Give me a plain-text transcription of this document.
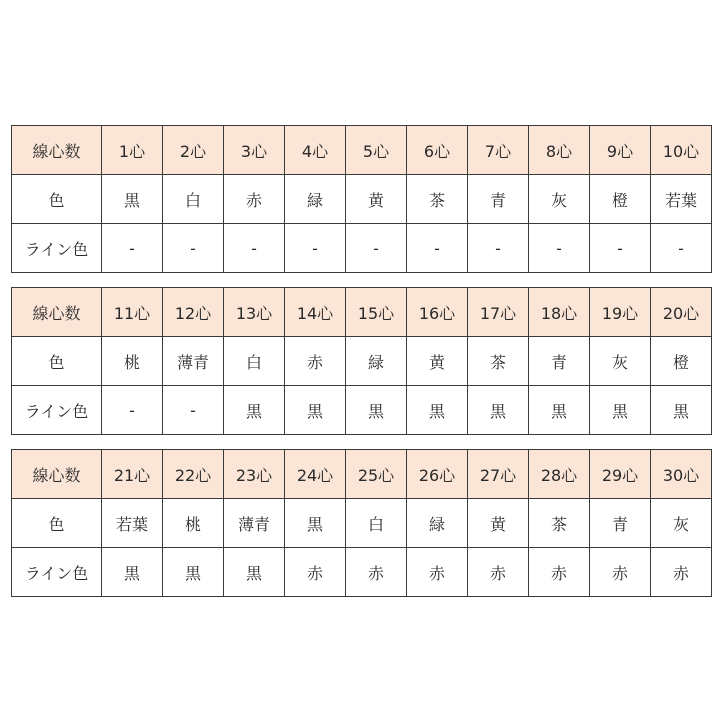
線心数	1心	2心	3心	4心	5心	6心	7心	8心	9心	10心
色	黒	白	赤	緑	黄	茶	青	灰	橙	若葉
ライン色	-	-	-	-	-	-	-	-	-	-
線心数	11心	12心	13心	14心	15心	16心	17心	18心	19心	20心
色	桃	薄青	白	赤	緑	黄	茶	青	灰	橙
ライン色	-	-	黒	黒	黒	黒	黒	黒	黒	黒
線心数	21心	22心	23心	24心	25心	26心	27心	28心	29心	30心
色	若葉	桃	薄青	黒	白	緑	黄	茶	青	灰
ライン色	黒	黒	黒	赤	赤	赤	赤	赤	赤	赤
